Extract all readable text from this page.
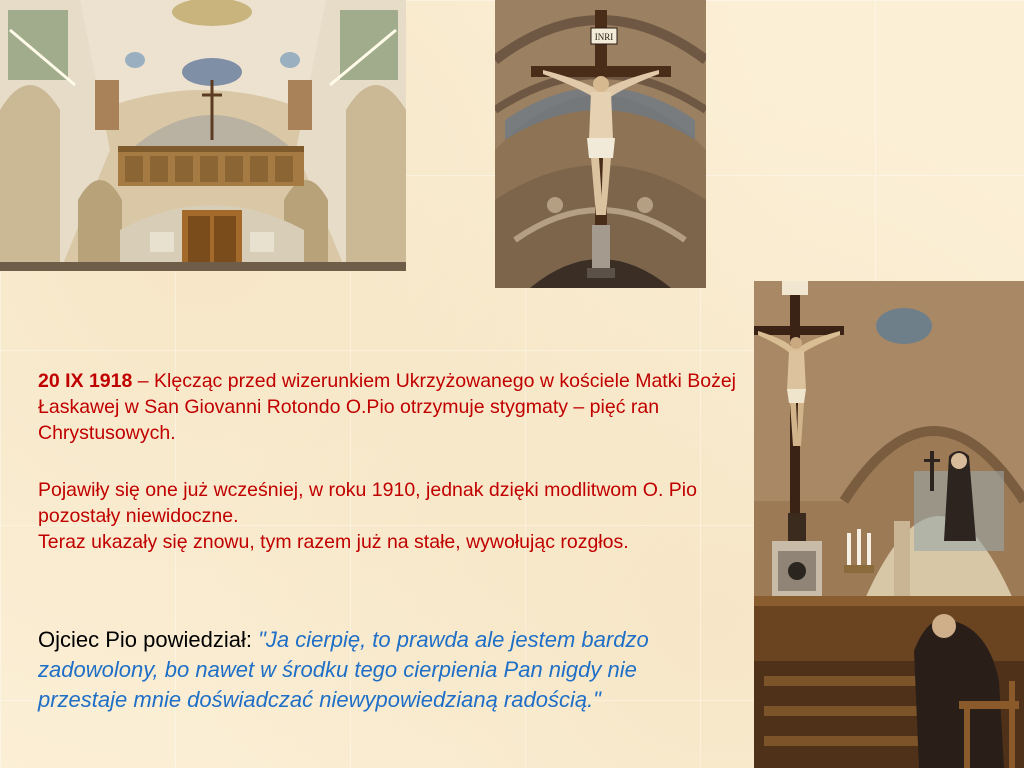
INRI
20 IX 1918 – Klęcząc przed wizerunkiem Ukrzyżowanego w kościele Matki Bożej Łaskawej w San Giovanni Rotondo O.Pio otrzymuje stygmaty – pięć ran Chrystusowych.
Pojawiły się one już wcześniej, w roku 1910, jednak dzięki modlitwom O. Pio pozostały niewidoczne.
Teraz ukazały się znowu, tym razem już na stałe, wywołując rozgłos.
Ojciec Pio powiedział: "Ja cierpię, to prawda ale jestem bardzo zadowolony, bo nawet w środku tego cierpienia Pan nigdy nie przestaje mnie doświadczać niewypowiedzianą radością."
